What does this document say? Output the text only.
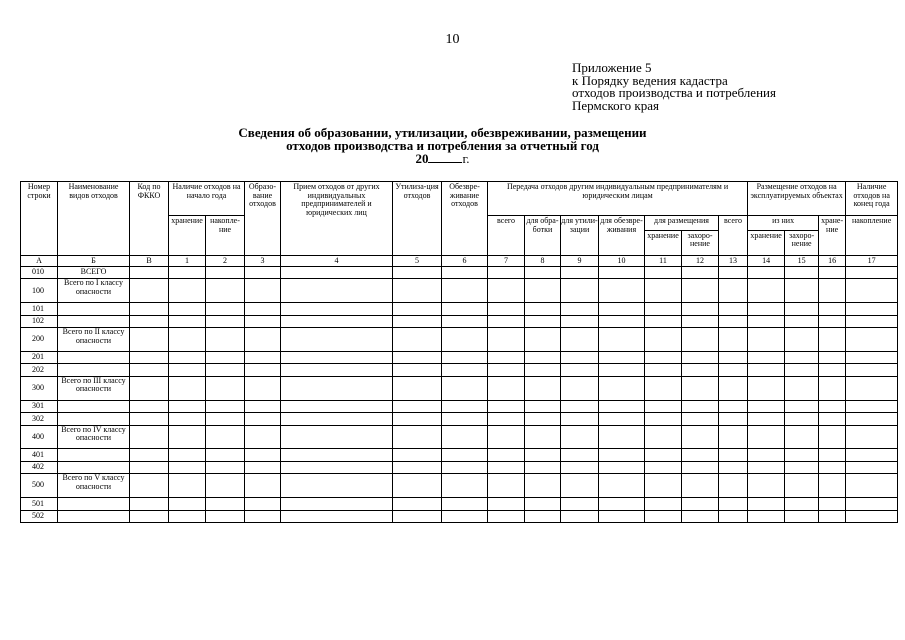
10
Приложение 5
к Порядку ведения кадастра
отходов производства и потребления
Пермского края
Сведения об образовании, утилизации, обезвреживании, размещении
отходов производства и потребления за отчетный год
20	г.
Номер строки	Наименование видов отходов	Код по ФККО	Наличие отходов на начало года		Образо-вание отходов	Прием отходов от других индивидуальных предпринимателей и юридических лиц	Утилиза-ция отходов	Обезвре-живание отходов	Передача отходов другим индивидуальным предпринимателям и юридическим лицам							Размещение отходов на эксплуатируемых объектах			Наличие отходов на конец года
			хранение	накопле-ние					всего	для обра-ботки	для утили-зации	для обезвре-живания	для размещения		всего	из них		хране-ние	накопление
													хранение	захоро-нение		хранение	захоро-нение		
А	Б	В	1	2	3	4	5	6	7	8	9	10	11	12	13	14	15	16	17
010	ВСЕГО																		
100	Всего по I классу опасности																		
101																			
102																			
200	Всего по II классу опасности																		
201																			
202																			
300	Всего по III классу опасности																		
301																			
302																			
400	Всего по IV классу опасности																		
401																			
402																			
500	Всего по V классу опасности																		
501																			
502																			
